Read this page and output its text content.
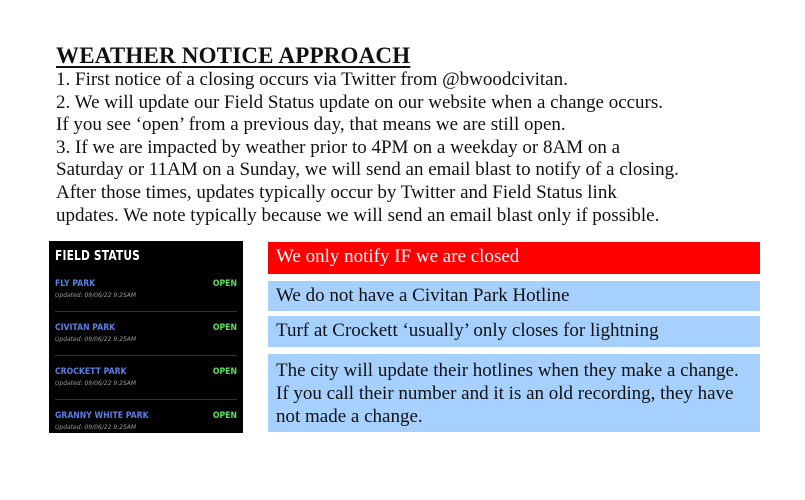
WEATHER NOTICE APPROACH
1. First notice of a closing occurs via Twitter from @bwoodcivitan.
2. We will update our Field Status update on our website when a change occurs.
If you see ‘open’ from a previous day, that means we are still open.
3. If we are impacted by weather prior to 4PM on a weekday or 8AM on a
Saturday or 11AM on a Sunday, we will send an email blast to notify of a closing.
After those times, updates typically occur by Twitter and Field Status link
updates. We note typically because we will send an email blast only if possible.
FIELD STATUS
FLY PARK
Updated: 09/06/22 9:25AM
OPEN
CIVITAN PARK
Updated: 09/06/22 9:25AM
OPEN
CROCKETT PARK
Updated: 09/06/22 9:25AM
OPEN
GRANNY WHITE PARK
Updated: 09/06/22 9:25AM
OPEN
We only notify IF we are closed
We do not have a Civitan Park Hotline
Turf at Crockett ‘usually’ only closes for lightning
The city will update their hotlines when they make a change. If you call their number and it is an old recording, they have not made a change.
